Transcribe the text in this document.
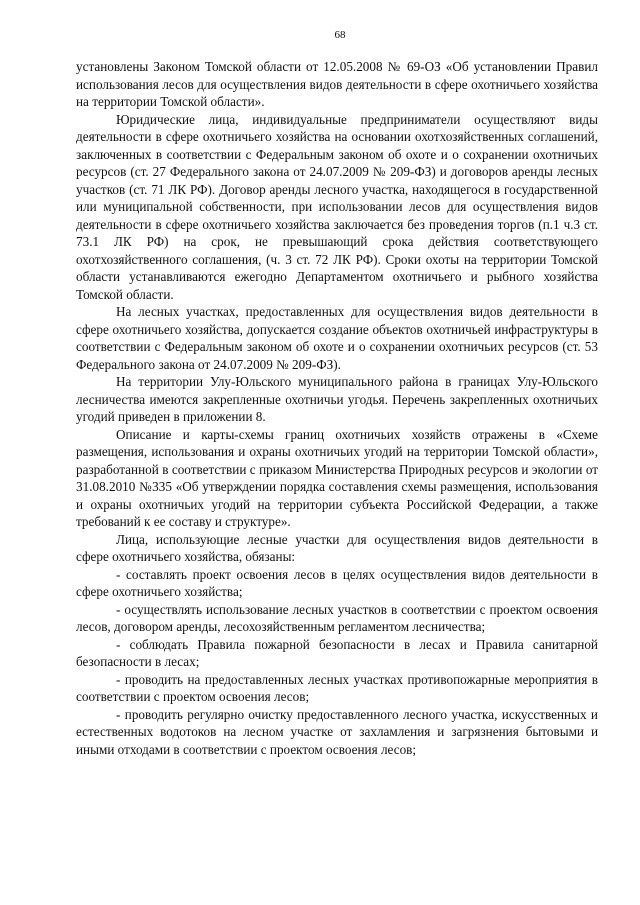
68

установлены Законом Томской области от 12.05.2008 № 69-ОЗ «Об установлении Правил использования лесов для осуществления видов деятельности в сфере охотничьего хозяйства на территории Томской области».

Юридические лица, индивидуальные предприниматели осуществляют виды деятельности в сфере охотничьего хозяйства на основании охотхозяйственных соглашений, заключенных в соответствии с Федеральным законом об охоте и о сохранении охотничьих ресурсов (ст. 27 Федерального закона от 24.07.2009 № 209-ФЗ) и договоров аренды лесных участков (ст. 71 ЛК РФ). Договор аренды лесного участка, находящегося в государственной или муниципальной собственности, при использовании лесов для осуществления видов деятельности в сфере охотничьего хозяйства заключается без проведения торгов (п.1 ч.3 ст. 73.1 ЛК РФ) на срок, не превышающий срока действия соответствующего охотхозяйственного соглашения, (ч. 3 ст. 72 ЛК РФ). Сроки охоты на территории Томской области устанавливаются ежегодно Департаментом охотничьего и рыбного хозяйства Томской области.

На лесных участках, предоставленных для осуществления видов деятельности в сфере охотничьего хозяйства, допускается создание объектов охотничьей инфраструктуры в соответствии с Федеральным законом об охоте и о сохранении охотничьих ресурсов (ст. 53 Федерального закона от 24.07.2009 № 209-ФЗ).

На территории Улу-Юльского муниципального района в границах Улу-Юльского лесничества имеются закрепленные охотничьи угодья. Перечень закрепленных охотничьих угодий приведен в приложении 8.

Описание и карты-схемы границ охотничьих хозяйств отражены в «Схеме размещения, использования и охраны охотничьих угодий на территории Томской области», разработанной в соответствии с приказом Министерства Природных ресурсов и экологии от 31.08.2010 №335 «Об утверждении порядка составления схемы размещения, использования и охраны охотничьих угодий на территории субъекта Российской Федерации, а также требований к ее составу и структуре».

Лица, использующие лесные участки для осуществления видов деятельности в сфере охотничьего хозяйства, обязаны:

- составлять проект освоения лесов в целях осуществления видов деятельности в сфере охотничьего хозяйства;

- осуществлять использование лесных участков в соответствии с проектом освоения лесов, договором аренды, лесохозяйственным регламентом лесничества;

- соблюдать Правила пожарной безопасности в лесах и Правила санитарной безопасности в лесах;

- проводить на предоставленных лесных участках противопожарные мероприятия в соответствии с проектом освоения лесов;

- проводить регулярно очистку предоставленного лесного участка, искусственных и естественных водотоков на лесном участке от захламления и загрязнения бытовыми и иными отходами в соответствии с проектом освоения лесов;
